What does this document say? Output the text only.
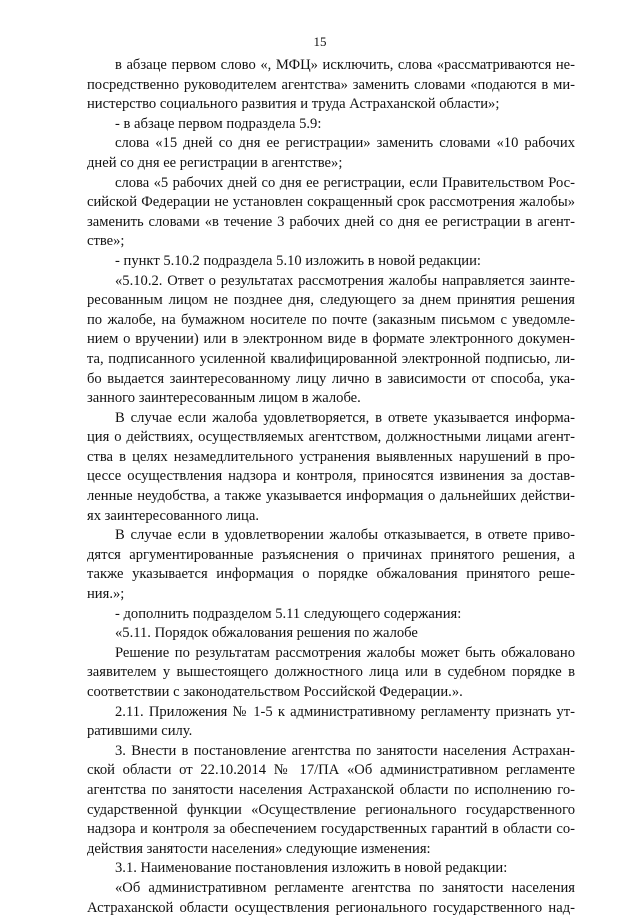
15
в абзаце первом слово «, МФЦ» исключить, слова «рассматриваются не-
посредственно руководителем агентства» заменить словами «подаются в ми-
нистерство социального развития и труда Астраханской области»;
- в абзаце первом подраздела 5.9:
слова «15 дней со дня ее регистрации» заменить словами «10 рабочих
дней со дня ее регистрации в агентстве»;
слова «5 рабочих дней со дня ее регистрации, если Правительством Рос-
сийской Федерации не установлен сокращенный срок рассмотрения жалобы»
заменить словами «в течение 3 рабочих дней со дня ее регистрации в агент-
стве»;
- пункт 5.10.2 подраздела 5.10 изложить в новой редакции:
«5.10.2. Ответ о результатах рассмотрения жалобы направляется заинте-
ресованным лицом не позднее дня, следующего за днем принятия решения
по жалобе, на бумажном носителе по почте (заказным письмом с уведомле-
нием о вручении) или в электронном виде в формате электронного докумен-
та, подписанного усиленной квалифицированной электронной подписью, ли-
бо выдается заинтересованному лицу лично в зависимости от способа, ука-
занного заинтересованным лицом в жалобе.
В случае если жалоба удовлетворяется, в ответе указывается информа-
ция о действиях, осуществляемых агентством, должностными лицами агент-
ства в целях незамедлительного устранения выявленных нарушений в про-
цессе осуществления надзора и контроля, приносятся извинения за достав-
ленные неудобства, а также указывается информация о дальнейших действи-
ях заинтересованного лица.
В случае если в удовлетворении жалобы отказывается, в ответе приво-
дятся аргументированные разъяснения о причинах принятого решения, а
также указывается информация о порядке обжалования принятого реше-
ния.»;
- дополнить подразделом 5.11 следующего содержания:
«5.11. Порядок обжалования решения по жалобе
Решение по результатам рассмотрения жалобы может быть обжаловано
заявителем у вышестоящего должностного лица или в судебном порядке в
соответствии с законодательством Российской Федерации.».
2.11. Приложения № 1-5 к административному регламенту признать ут-
ратившими силу.
3. Внести в постановление агентства по занятости населения Астрахан-
ской области от 22.10.2014 № 17/ПА «Об административном регламенте
агентства по занятости населения Астраханской области по исполнению го-
сударственной функции «Осуществление регионального государственного
надзора и контроля за обеспечением государственных гарантий в области со-
действия занятости населения» следующие изменения:
3.1. Наименование постановления изложить в новой редакции:
«Об административном регламенте агентства по занятости населения
Астраханской области осуществления регионального государственного над-
